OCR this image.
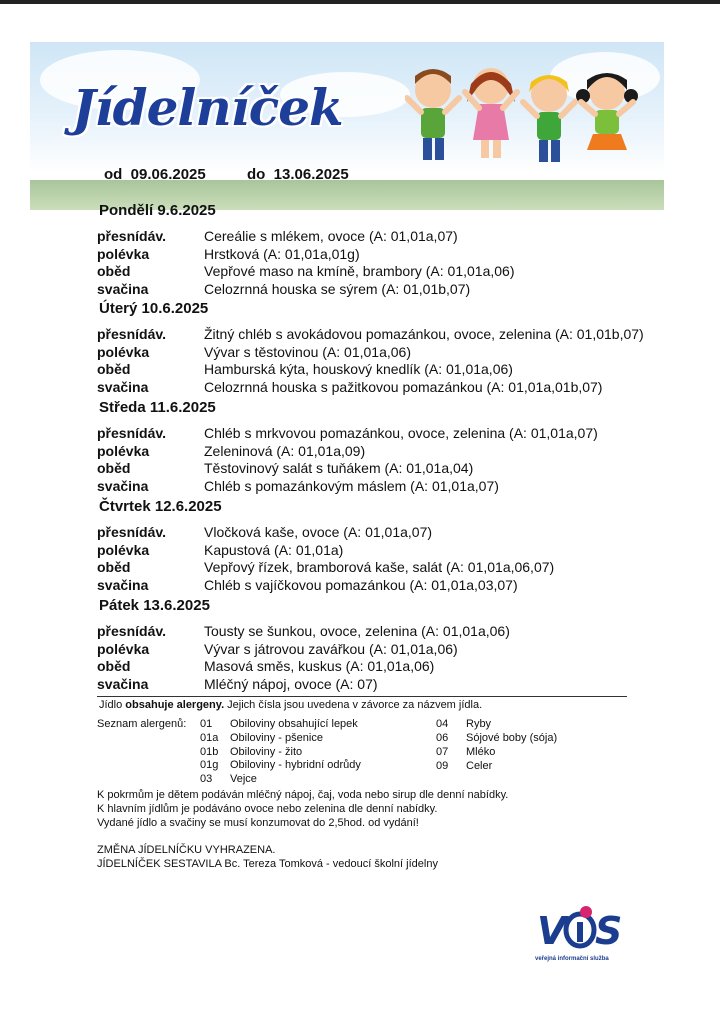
Jídelníček
od 09.06.2025	do 13.06.2025
Pondělí 9.6.2025
přesnídáv.	Cereálie s mlékem, ovoce (A: 01,01a,07)
polévka	Hrstková (A: 01,01a,01g)
oběd	Vepřové maso na kmíně, brambory (A: 01,01a,06)
svačina	Celozrnná houska se sýrem (A: 01,01b,07)
Úterý 10.6.2025
přesnídáv.	Žitný chléb s avokádovou pomazánkou, ovoce, zelenina (A: 01,01b,07)
polévka	Vývar s těstovinou (A: 01,01a,06)
oběd	Hamburská kýta, houskový knedlík (A: 01,01a,06)
svačina	Celozrnná houska s pažitkovou pomazánkou (A: 01,01a,01b,07)
Středa 11.6.2025
přesnídáv.	Chléb s mrkvovou pomazánkou, ovoce, zelenina (A: 01,01a,07)
polévka	Zeleninová (A: 01,01a,09)
oběd	Těstovinový salát s tuňákem (A: 01,01a,04)
svačina	Chléb s pomazánkovým máslem (A: 01,01a,07)
Čtvrtek 12.6.2025
přesnídáv.	Vločková kaše, ovoce (A: 01,01a,07)
polévka	Kapustová (A: 01,01a)
oběd	Vepřový řízek, bramborová kaše, salát (A: 01,01a,06,07)
svačina	Chléb s vajíčkovou pomazánkou (A: 01,01a,03,07)
Pátek 13.6.2025
přesnídáv.	Tousty se šunkou, ovoce, zelenina (A: 01,01a,06)
polévka	Vývar s játrovou zavářkou (A: 01,01a,06)
oběd	Masová směs, kuskus (A: 01,01a,06)
svačina	Mléčný nápoj, ovoce (A: 07)
Jídlo obsahuje alergeny. Jejich čísla jsou uvedena v závorce za názvem jídla.
Seznam alergenů: 01 Obiloviny obsahující lepek
01a Obiloviny - pšenice
01b Obiloviny - žito
01g Obiloviny - hybridní odrůdy
03 Vejce
04 Ryby
06 Sójové boby (sója)
07 Mléko
09 Celer
K pokrmům je dětem podáván mléčný nápoj, čaj, voda nebo sirup dle denní nabídky.
K hlavním jídlům je podáváno ovoce nebo zelenina dle denní nabídky.
Vydané jídlo a svačiny se musí konzumovat do 2,5hod. od vydání!
ZMĚNA JÍDELNÍČKU VYHRAZENA.
JÍDELNÍČEK SESTAVILA Bc. Tereza Tomková - vedoucí školní jídelny
V S
veřejná informační služba
